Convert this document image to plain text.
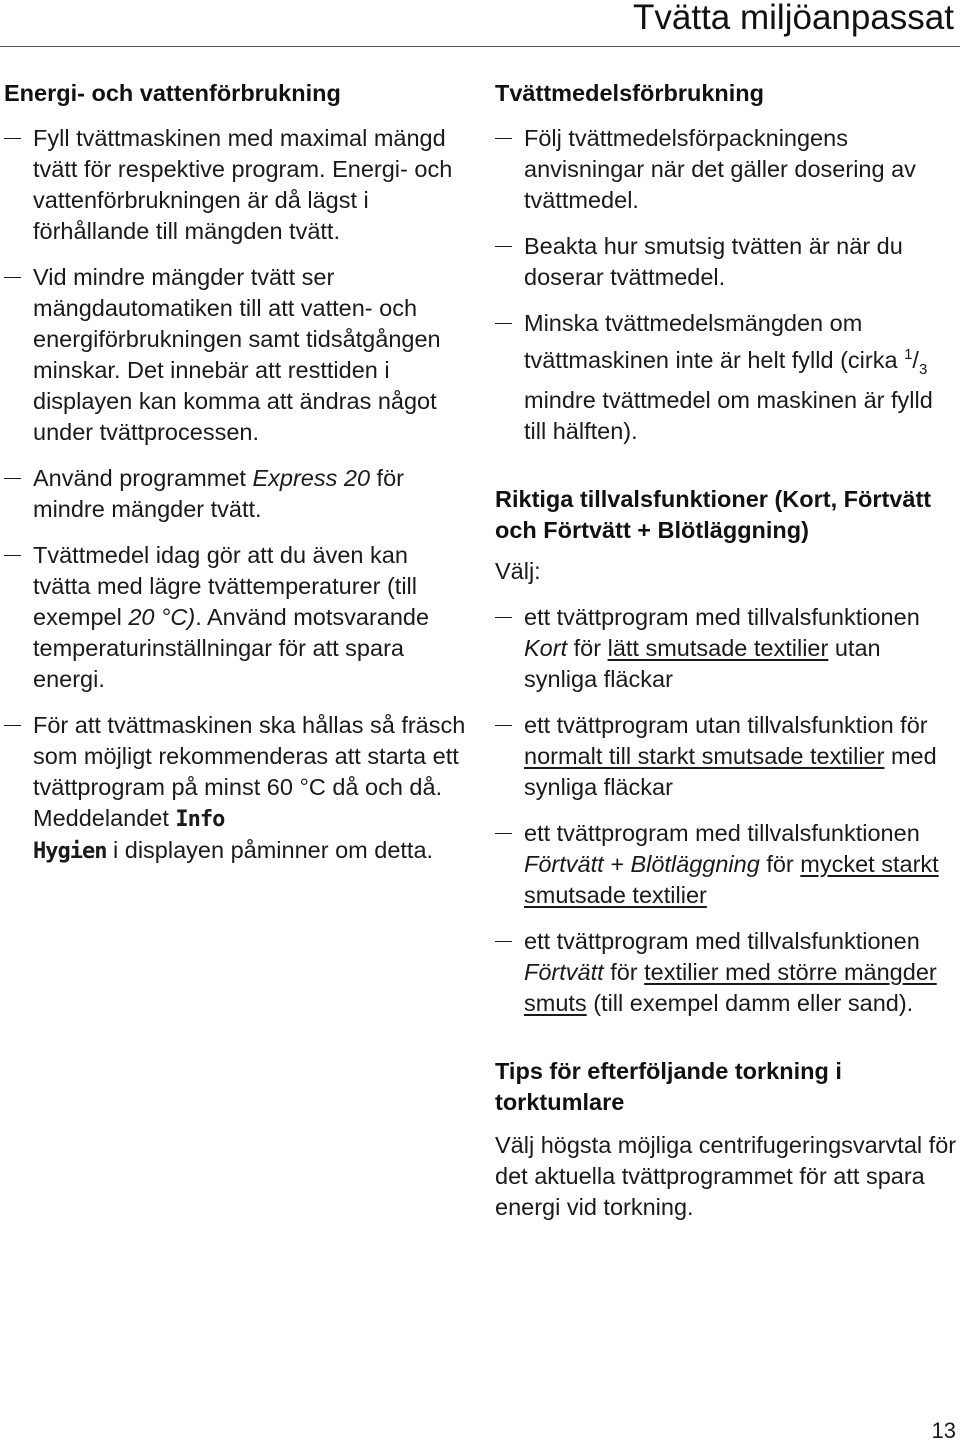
Tvätta miljöanpassat
Energi- och vattenförbrukning
Fyll tvättmaskinen med maximal mängd tvätt för respektive program. Energi- och vattenförbrukningen är då lägst i förhållande till mängden tvätt.
Vid mindre mängder tvätt ser mängdautomatiken till att vatten- och energiförbrukningen samt tidsåtgången minskar. Det innebär att resttiden i displayen kan komma att ändras något under tvättprocessen.
Använd programmet Express 20 för mindre mängder tvätt.
Tvättmedel idag gör att du även kan tvätta med lägre tvättemperaturer (till exempel 20 °C). Använd motsvarande temperaturinställningar för att spara energi.
För att tvättmaskinen ska hållas så fräsch som möjligt rekommenderas att starta ett tvättprogram på minst 60 °C då och då. Meddelandet Info
Hygien i displayen påminner om detta.
Tvättmedelsförbrukning
Följ tvättmedelsförpackningens anvisningar när det gäller dosering av tvättmedel.
Beakta hur smutsig tvätten är när du doserar tvättmedel.
Minska tvättmedelsmängden om tvättmaskinen inte är helt fylld (cirka $^1/_3$ mindre tvättmedel om maskinen är fylld till hälften).
Riktiga tillvalsfunktioner (Kort, Förtvätt och Förtvätt + Blötläggning)

Välj:

ett tvättprogram med tillvalsfunktionen Kort för lätt smutsade textilier utan synliga fläckar
ett tvättprogram utan tillvalsfunktion för normalt till starkt smutsade textilier med synliga fläckar
ett tvättprogram med tillvalsfunktionen Förtvätt + Blötläggning för mycket starkt smutsade textilier
ett tvättprogram med tillvalsfunktionen Förtvätt för textilier med större mängder smuts (till exempel damm eller sand).
Tips för efterföljande torkning i torktumlare

Välj högsta möjliga centrifugeringsvarvtal för det aktuella tvättprogrammet för att spara energi vid torkning.

13
